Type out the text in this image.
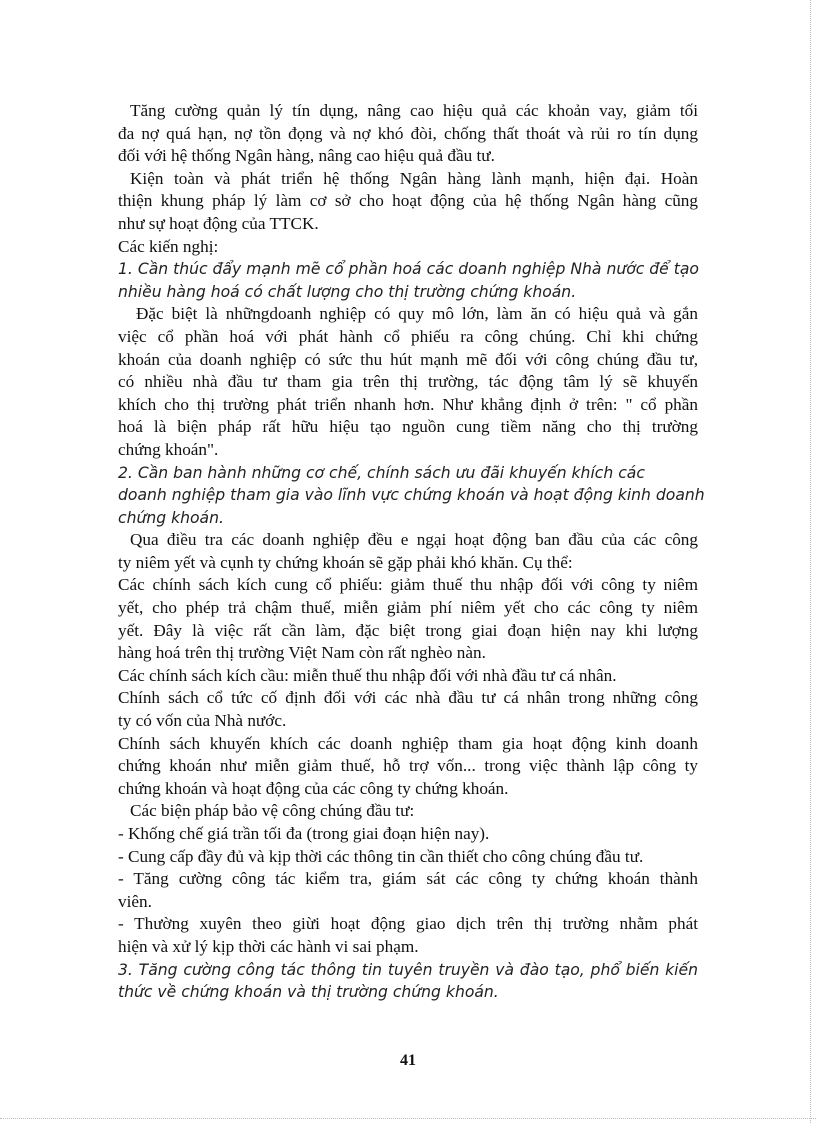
Tăng cường quản lý tín dụng, nâng cao hiệu quả các khoản vay, giảm tối
đa nợ quá hạn, nợ tồn đọng và nợ khó đòi, chống thất thoát và rủi ro tín dụng
đối với hệ thống Ngân hàng, nâng cao hiệu quả đầu tư.
Kiện toàn và phát triển hệ thống Ngân hàng lành mạnh, hiện đại. Hoàn
thiện khung pháp lý làm cơ sở cho hoạt động của hệ thống Ngân hàng cũng
như sự hoạt động của TTCK.
Các kiến nghị:
1. Cần thúc đẩy mạnh mẽ cổ phần hoá các doanh nghiệp Nhà nước để tạo
nhiều hàng hoá có chất lượng cho thị trường chứng khoán.
Đặc biệt là nhữngdoanh nghiệp có quy mô lớn, làm ăn có hiệu quả và gắn
việc cổ phần hoá với phát hành cổ phiếu ra công chúng. Chỉ khi chứng
khoán của doanh nghiệp có sức thu hút mạnh mẽ đối với công chúng đầu tư,
có nhiều nhà đầu tư tham gia trên thị trường, tác động tâm lý sẽ khuyến
khích cho thị trường phát triển nhanh hơn. Như khẳng định ở trên: " cổ phần
hoá là biện pháp rất hữu hiệu tạo nguồn cung tiềm năng cho thị trường
chứng khoán".
2. Cần ban hành những cơ chế, chính sách ưu đãi khuyến khích các
doanh nghiệp tham gia vào lĩnh vực chứng khoán và hoạt động kinh doanh
chứng khoán.
Qua điều tra các doanh nghiệp đều e ngại hoạt động ban đầu của các công
ty niêm yết và cụnh ty chứng khoán sẽ gặp phải khó khăn. Cụ thể:
Các chính sách kích cung cổ phiếu: giảm thuế thu nhập đối với công ty niêm
yết, cho phép trả chậm thuế, miễn giảm phí niêm yết cho các công ty niêm
yết. Đây là việc rất cần làm, đặc biệt trong giai đoạn hiện nay khi lượng
hàng hoá trên thị trường Việt Nam còn rất nghèo nàn.
Các chính sách kích cầu: miễn thuế thu nhập đối với nhà đầu tư cá nhân.
Chính sách cổ tức cố định đối với các nhà đầu tư cá nhân trong những công
ty có vốn của Nhà nước.
Chính sách khuyến khích các doanh nghiệp tham gia hoạt động kinh doanh
chứng khoán như miễn giảm thuế, hỗ trợ vốn... trong việc thành lập công ty
chứng khoán và hoạt động của các công ty chứng khoán.
Các biện pháp bảo vệ công chúng đầu tư:
- Khống chế giá trần tối đa (trong giai đoạn hiện nay).
- Cung cấp đầy đủ và kịp thời các thông tin cần thiết cho công chúng đầu tư.
- Tăng cường công tác kiểm tra, giám sát các công ty chứng khoán thành
viên.
- Thường xuyên theo giừi hoạt động giao dịch trên thị trường nhằm phát
hiện và xử lý kịp thời các hành vi sai phạm.
3. Tăng cường công tác thông tin tuyên truyền và đào tạo, phổ biến kiến
thức về chứng khoán và thị trường chứng khoán.
41
